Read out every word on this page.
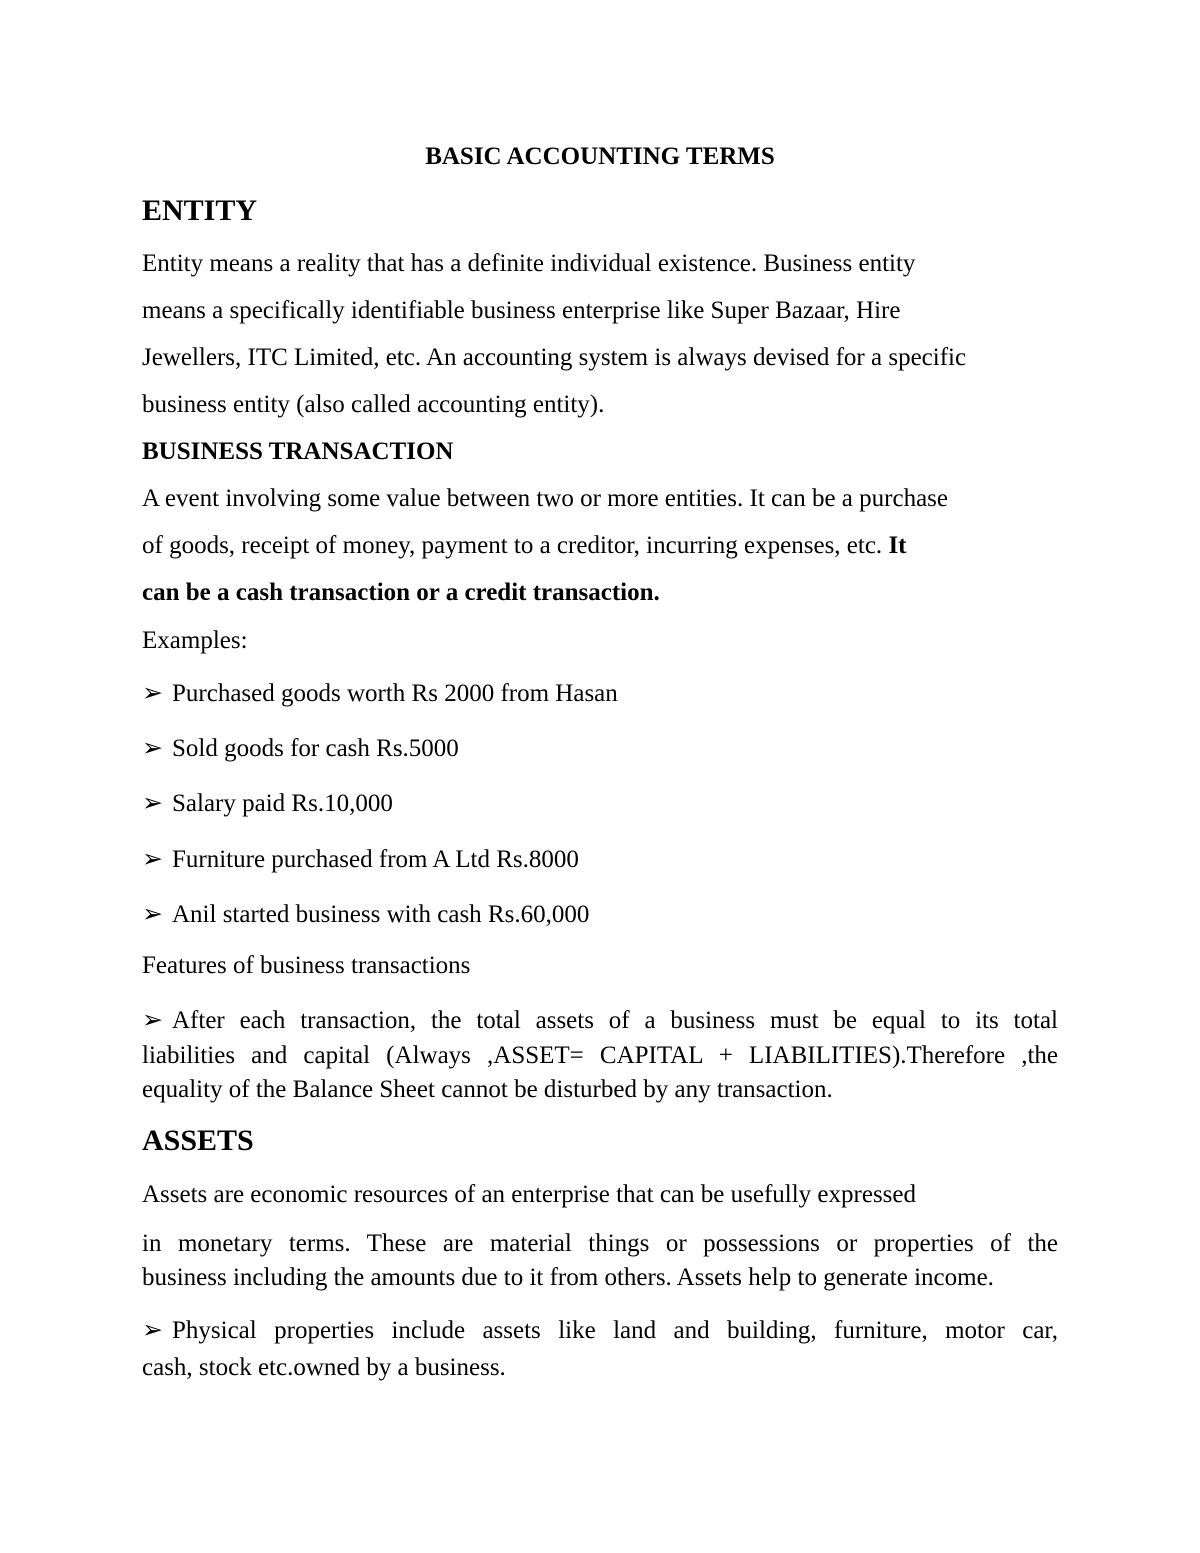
BASIC ACCOUNTING TERMS
ENTITY
Entity means a reality that has a definite individual existence. Business entity
means a specifically identifiable business enterprise like Super Bazaar, Hire
Jewellers, ITC Limited, etc. An accounting system is always devised for a specific
business entity (also called accounting entity).
BUSINESS TRANSACTION
A event involving some value between two or more entities. It can be a purchase
of goods, receipt of money, payment to a creditor, incurring expenses, etc. It
can be a cash transaction or a credit transaction.
Examples:
➢ Purchased goods worth Rs 2000 from Hasan
➢ Sold goods for cash Rs.5000
➢ Salary paid Rs.10,000
➢ Furniture purchased from A Ltd Rs.8000
➢ Anil started business with cash Rs.60,000
Features of business transactions
➢ After each transaction, the total assets of a business must be equal to its total
liabilities and capital (Always ,ASSET= CAPITAL + LIABILITIES).Therefore ,the
equality of the Balance Sheet cannot be disturbed by any transaction.
ASSETS
Assets are economic resources of an enterprise that can be usefully expressed
in monetary terms. These are material things or possessions or properties of the
business including the amounts due to it from others. Assets help to generate income.
➢ Physical properties include assets like land and building, furniture, motor car,
cash, stock etc.owned by a business.
